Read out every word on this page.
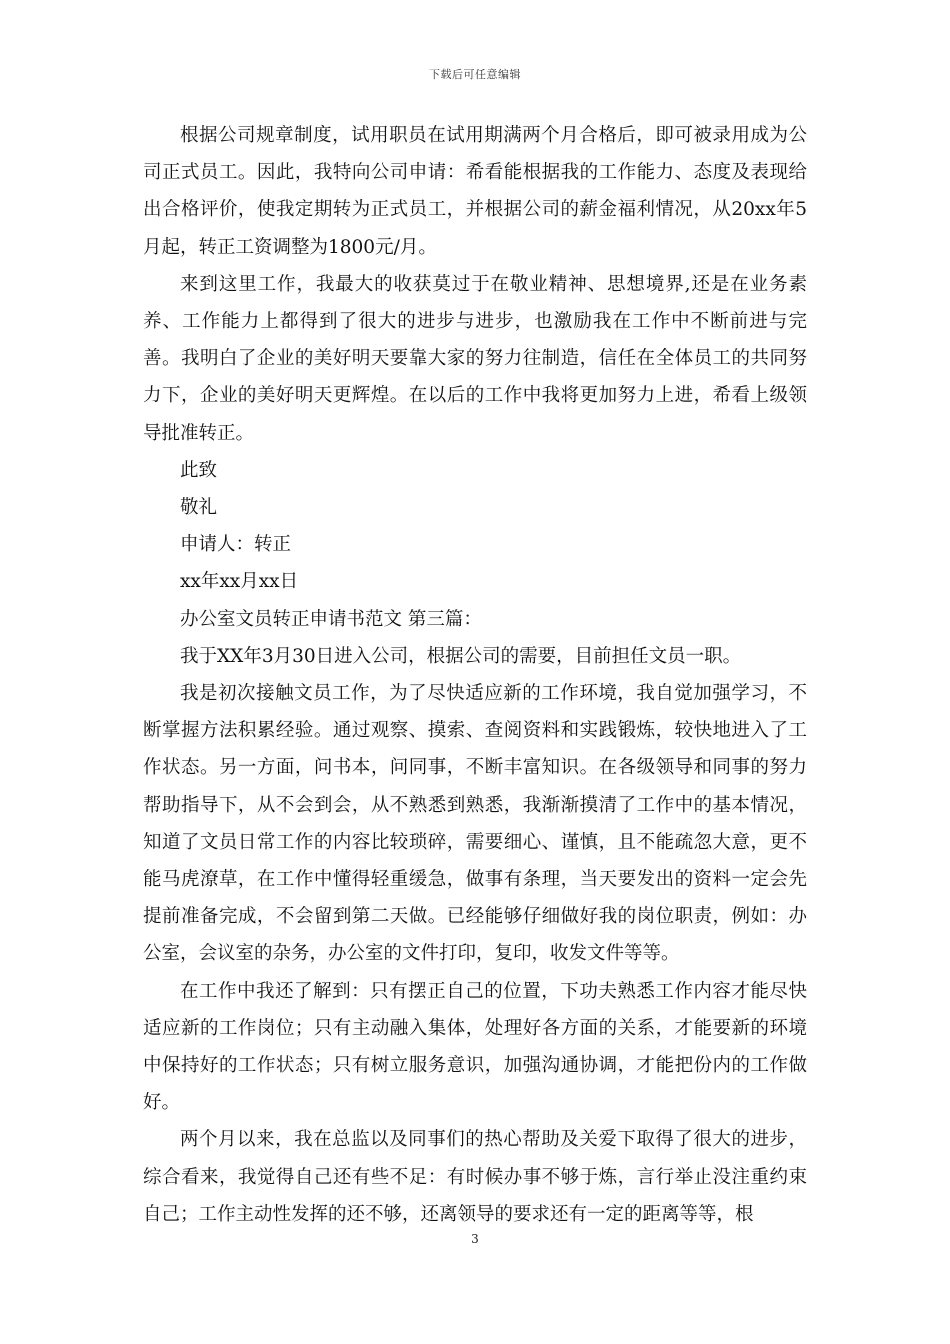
下载后可任意编辑

根据公司规章制度，试用职员在试用期满两个月合格后，即可被录用成为公司正式员工。因此，我特向公司申请：希看能根据我的工作能力、态度及表现给出合格评价，使我定期转为正式员工，并根据公司的薪金福利情况，从20xx年5月起，转正工资调整为1800元/月。

来到这里工作，我最大的收获莫过于在敬业精神、思想境界,还是在业务素养、工作能力上都得到了很大的进步与进步，也激励我在工作中不断前进与完善。我明白了企业的美好明天要靠大家的努力往制造，信任在全体员工的共同努力下，企业的美好明天更辉煌。在以后的工作中我将更加努力上进，希看上级领导批准转正。

此致

敬礼

申请人：转正

xx年xx月xx日

办公室文员转正申请书范文 第三篇：

我于XX年3月30日进入公司，根据公司的需要，目前担任文员一职。

我是初次接触文员工作，为了尽快适应新的工作环境，我自觉加强学习，不断掌握方法积累经验。通过观察、摸索、查阅资料和实践锻炼，较快地进入了工作状态。另一方面，问书本，问同事，不断丰富知识。在各级领导和同事的努力帮助指导下，从不会到会，从不熟悉到熟悉，我渐渐摸清了工作中的基本情况，知道了文员日常工作的内容比较琐碎，需要细心、谨慎，且不能疏忽大意，更不能马虎潦草，在工作中懂得轻重缓急，做事有条理，当天要发出的资料一定会先提前准备完成，不会留到第二天做。已经能够仔细做好我的岗位职责，例如：办公室，会议室的杂务，办公室的文件打印，复印，收发文件等等。

在工作中我还了解到：只有摆正自己的位置，下功夫熟悉工作内容才能尽快适应新的工作岗位；只有主动融入集体，处理好各方面的关系，才能要新的环境中保持好的工作状态；只有树立服务意识，加强沟通协调，才能把份内的工作做好。

两个月以来，我在总监以及同事们的热心帮助及关爱下取得了很大的进步，综合看来，我觉得自己还有些不足：有时候办事不够于炼，言行举止没注重约束自己；工作主动性发挥的还不够，还离领导的要求还有一定的距离等等，根

3
